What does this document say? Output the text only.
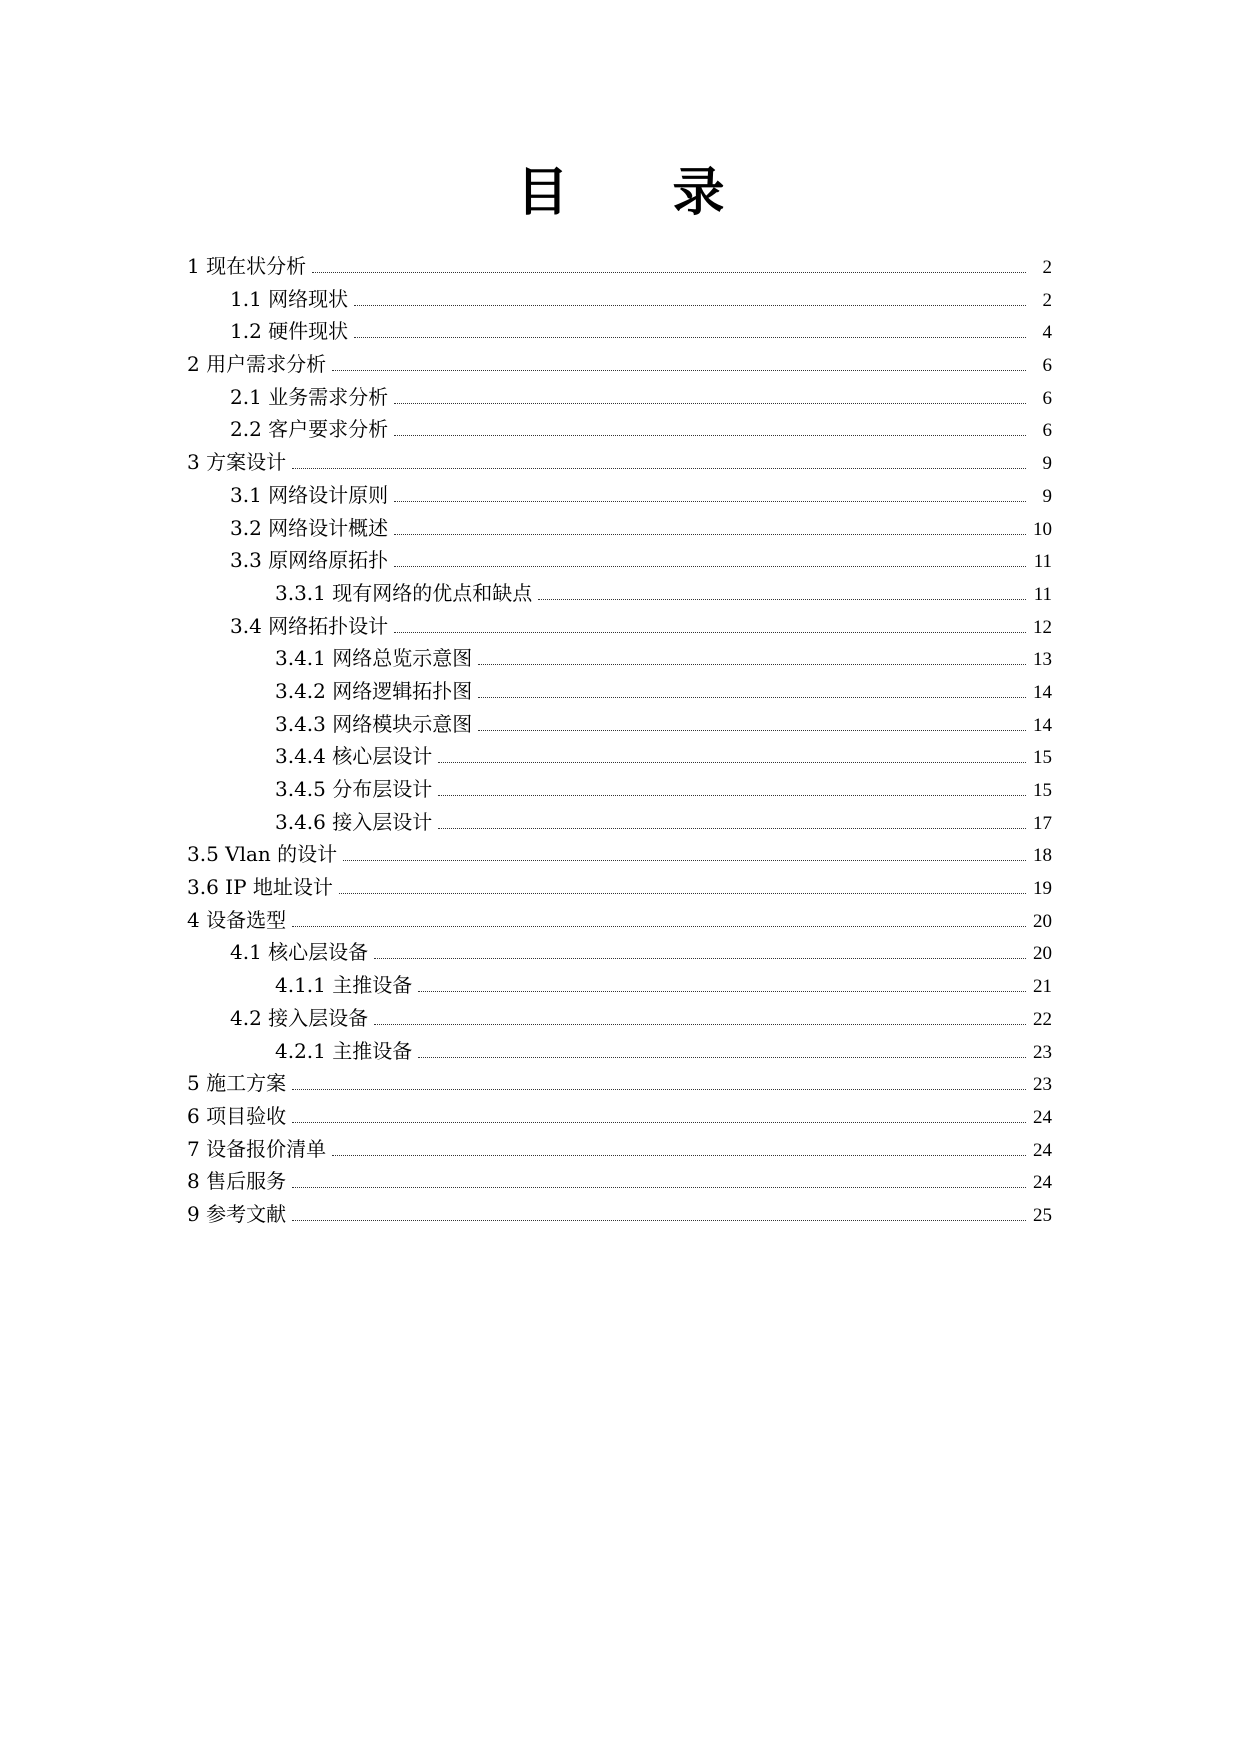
目　　录
1 现在状分析	2
1.1 网络现状	2
1.2 硬件现状	4
2 用户需求分析	6
2.1 业务需求分析	6
2.2 客户要求分析	6
3 方案设计	9
3.1 网络设计原则	9
3.2 网络设计概述	10
3.3 原网络原拓扑	11
3.3.1 现有网络的优点和缺点	11
3.4 网络拓扑设计	12
3.4.1 网络总览示意图	13
3.4.2 网络逻辑拓扑图	14
3.4.3 网络模块示意图	14
3.4.4 核心层设计	15
3.4.5 分布层设计	15
3.4.6 接入层设计	17
3.5 Vlan 的设计	18
3.6 IP 地址设计	19
4 设备选型	20
4.1 核心层设备	20
4.1.1 主推设备	21
4.2 接入层设备	22
4.2.1 主推设备	23
5 施工方案	23
6 项目验收	24
7 设备报价清单	24
8 售后服务	24
9 参考文献	25
